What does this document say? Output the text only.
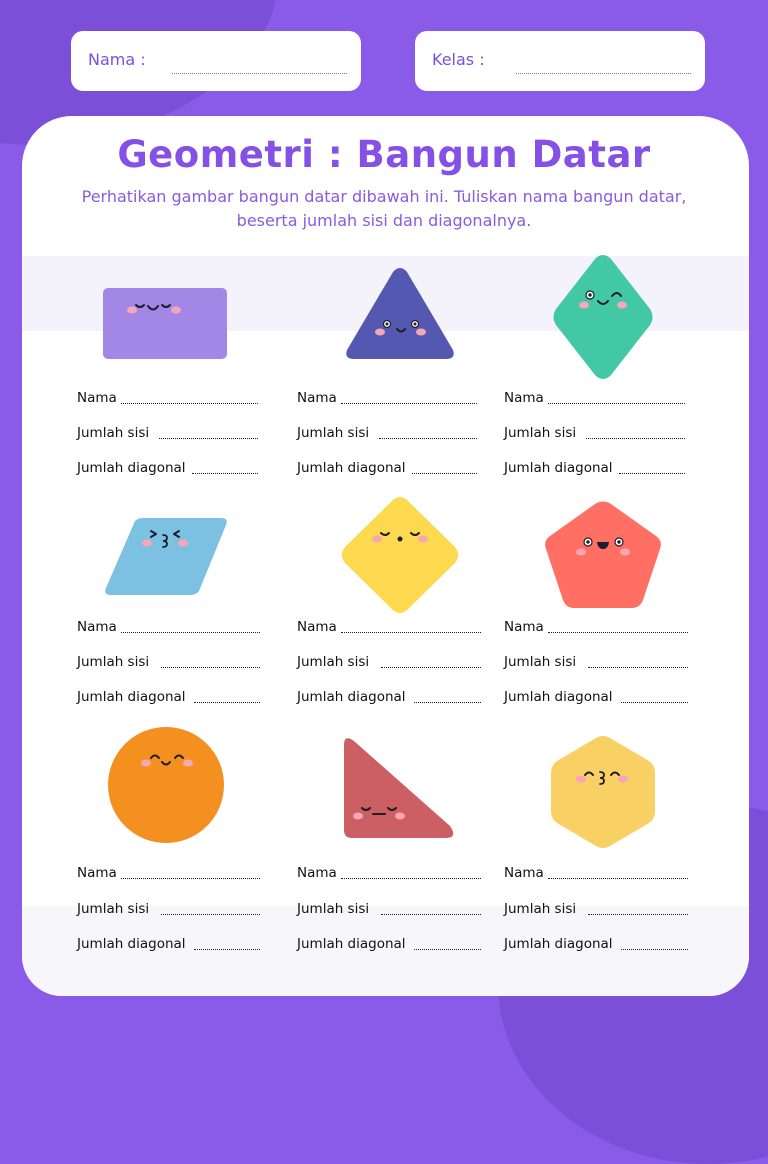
Nama :	Kelas :
Geometri : Bangun Datar
Perhatikan gambar bangun datar dibawah ini. Tuliskan nama bangun datar, beserta jumlah sisi dan diagonalnya.
Nama
Jumlah sisi
Jumlah diagonal
Nama
Jumlah sisi
Jumlah diagonal
Nama
Jumlah sisi
Jumlah diagonal
Nama
Jumlah sisi
Jumlah diagonal
Nama
Jumlah sisi
Jumlah diagonal
Nama
Jumlah sisi
Jumlah diagonal
Nama
Jumlah sisi
Jumlah diagonal
Nama
Jumlah sisi
Jumlah diagonal
Nama
Jumlah sisi
Jumlah diagonal
